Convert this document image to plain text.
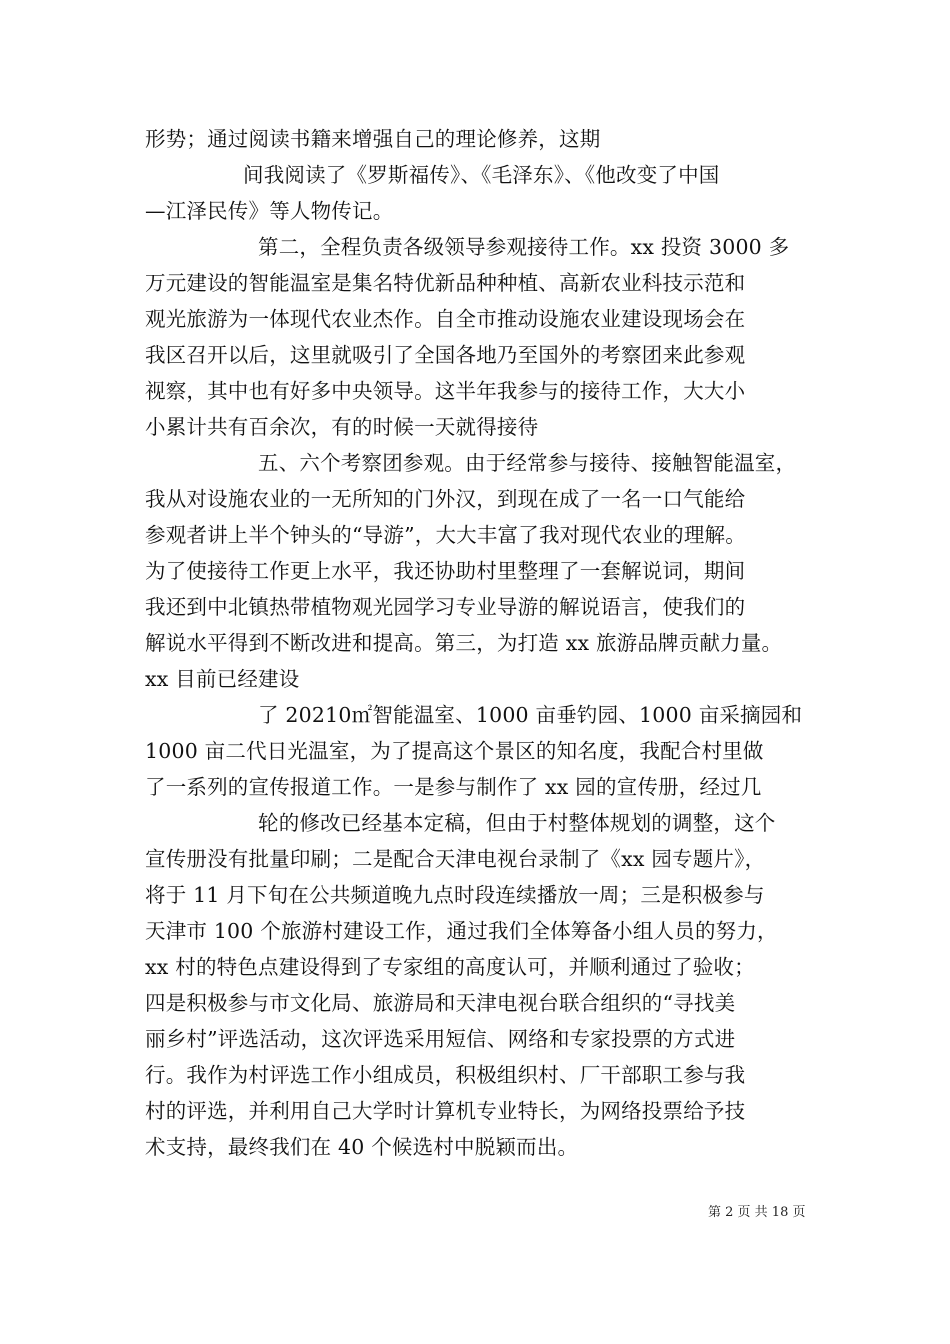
形势；通过阅读书籍来增强自己的理论修养，这期
间我阅读了《罗斯福传》、《毛泽东》、《他改变了中国
—江泽民传》等人物传记。
第二，全程负责各级领导参观接待工作。xx 投资 3000 多
万元建设的智能温室是集名特优新品种种植、高新农业科技示范和
观光旅游为一体现代农业杰作。自全市推动设施农业建设现场会在
我区召开以后，这里就吸引了全国各地乃至国外的考察团来此参观
视察，其中也有好多中央领导。这半年我参与的接待工作，大大小
小累计共有百余次，有的时候一天就得接待
五、六个考察团参观。由于经常参与接待、接触智能温室，
我从对设施农业的一无所知的门外汉，到现在成了一名一口气能给
参观者讲上半个钟头的“导游”，大大丰富了我对现代农业的理解。
为了使接待工作更上水平，我还协助村里整理了一套解说词，期间
我还到中北镇热带植物观光园学习专业导游的解说语言，使我们的
解说水平得到不断改进和提高。第三，为打造 xx 旅游品牌贡献力量。
xx 目前已经建设
了 20210㎡智能温室、1000 亩垂钓园、1000 亩采摘园和
1000 亩二代日光温室，为了提高这个景区的知名度，我配合村里做
了一系列的宣传报道工作。一是参与制作了 xx 园的宣传册，经过几
轮的修改已经基本定稿，但由于村整体规划的调整，这个
宣传册没有批量印刷；二是配合天津电视台录制了《xx 园专题片》，
将于 11 月下旬在公共频道晚九点时段连续播放一周；三是积极参与
天津市 100 个旅游村建设工作，通过我们全体筹备小组人员的努力，
xx 村的特色点建设得到了专家组的高度认可，并顺利通过了验收；
四是积极参与市文化局、旅游局和天津电视台联合组织的“寻找美
丽乡村”评选活动，这次评选采用短信、网络和专家投票的方式进
行。我作为村评选工作小组成员，积极组织村、厂干部职工参与我
村的评选，并利用自己大学时计算机专业特长，为网络投票给予技
术支持，最终我们在 40 个候选村中脱颖而出。
第 2 页 共 18 页
